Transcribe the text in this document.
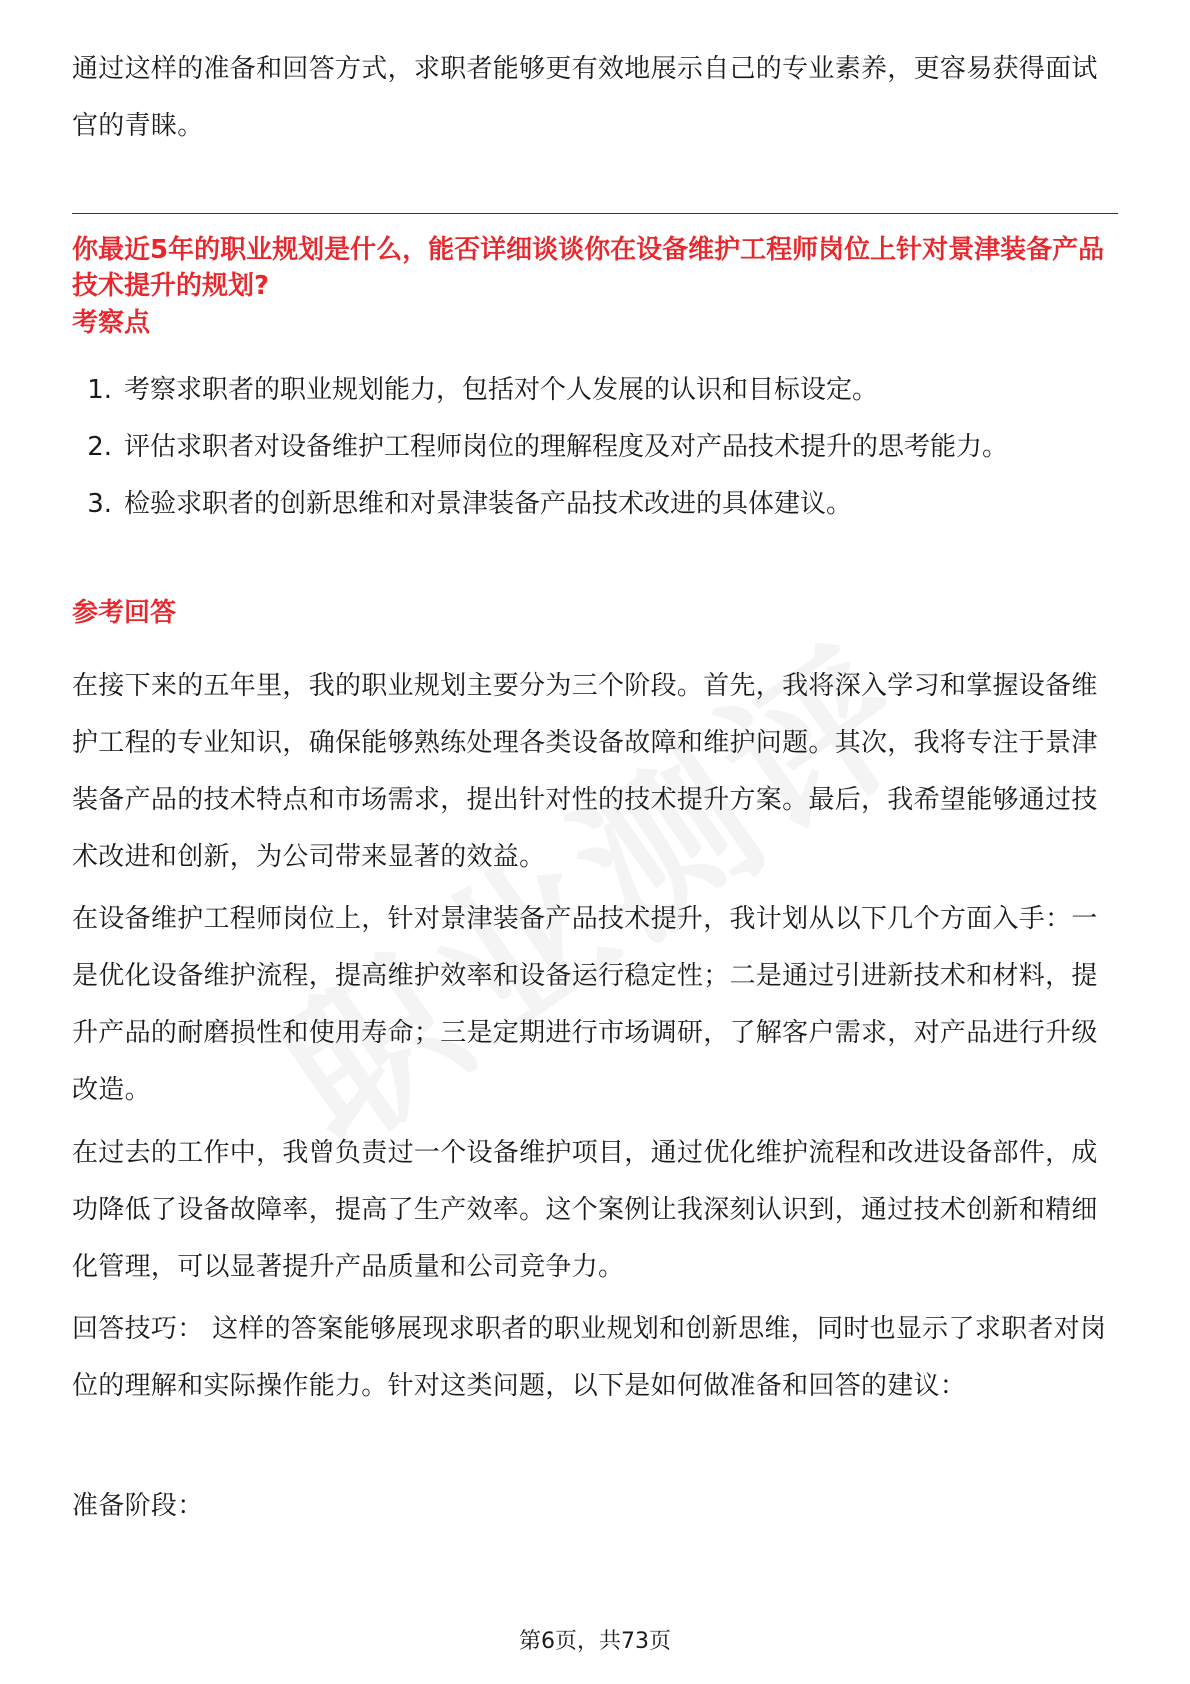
通过这样的准备和回答方式，求职者能够更有效地展示自己的专业素养，更容易获得面试官的青睐。

你最近5年的职业规划是什么，能否详细谈谈你在设备维护工程师岗位上针对景津装备产品技术提升的规划?

考察点

1. 考察求职者的职业规划能力，包括对个人发展的认识和目标设定。
2. 评估求职者对设备维护工程师岗位的理解程度及对产品技术提升的思考能力。
3. 检验求职者的创新思维和对景津装备产品技术改进的具体建议。

参考回答

在接下来的五年里，我的职业规划主要分为三个阶段。首先，我将深入学习和掌握设备维护工程的专业知识，确保能够熟练处理各类设备故障和维护问题。其次，我将专注于景津装备产品的技术特点和市场需求，提出针对性的技术提升方案。最后，我希望能够通过技术改进和创新，为公司带来显著的效益。

在设备维护工程师岗位上，针对景津装备产品技术提升，我计划从以下几个方面入手：一是优化设备维护流程，提高维护效率和设备运行稳定性；二是通过引进新技术和材料，提升产品的耐磨损性和使用寿命；三是定期进行市场调研，了解客户需求，对产品进行升级改造。

在过去的工作中，我曾负责过一个设备维护项目，通过优化维护流程和改进设备部件，成功降低了设备故障率，提高了生产效率。这个案例让我深刻认识到，通过技术创新和精细化管理，可以显著提升产品质量和公司竞争力。

回答技巧： 这样的答案能够展现求职者的职业规划和创新思维，同时也显示了求职者对岗位的理解和实际操作能力。针对这类问题，以下是如何做准备和回答的建议：

准备阶段：

第6页，共73页
